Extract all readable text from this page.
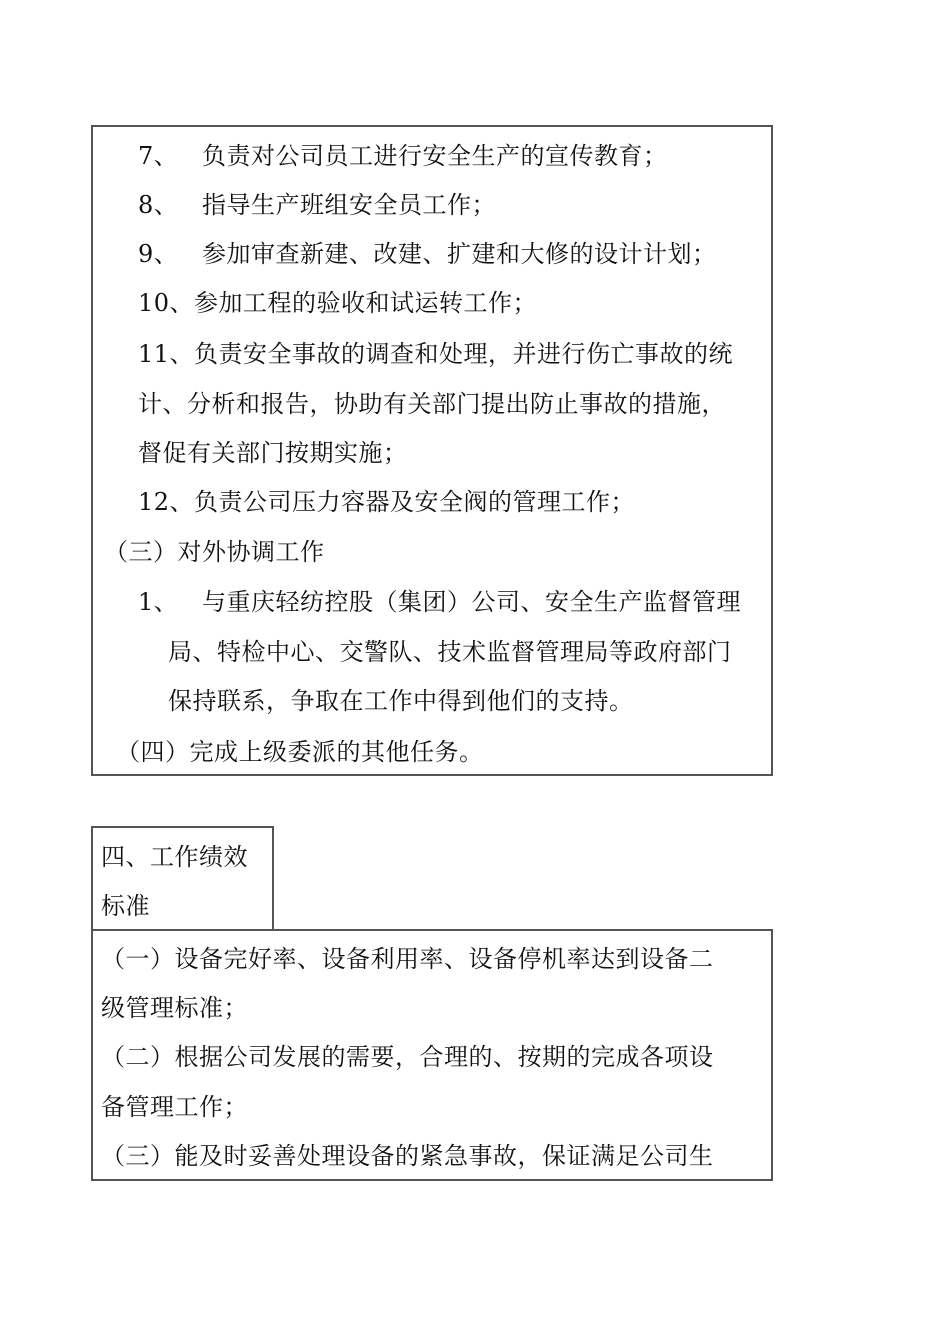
7、 负责对公司员工进行安全生产的宣传教育；
8、 指导生产班组安全员工作；
9、 参加审查新建、改建、扩建和大修的设计计划；
10、参加工程的验收和试运转工作；
11、负责安全事故的调查和处理，并进行伤亡事故的统
计、分析和报告，协助有关部门提出防止事故的措施，
督促有关部门按期实施；
12、负责公司压力容器及安全阀的管理工作；
（三）对外协调工作
1、 与重庆轻纺控股（集团）公司、安全生产监督管理
局、特检中心、交警队、技术监督管理局等政府部门
保持联系，争取在工作中得到他们的支持。
（四）完成上级委派的其他任务。
四、工作绩效
标准
（一）设备完好率、设备利用率、设备停机率达到设备二
级管理标准；
（二）根据公司发展的需要，合理的、按期的完成各项设
备管理工作；
（三）能及时妥善处理设备的紧急事故，保证满足公司生
